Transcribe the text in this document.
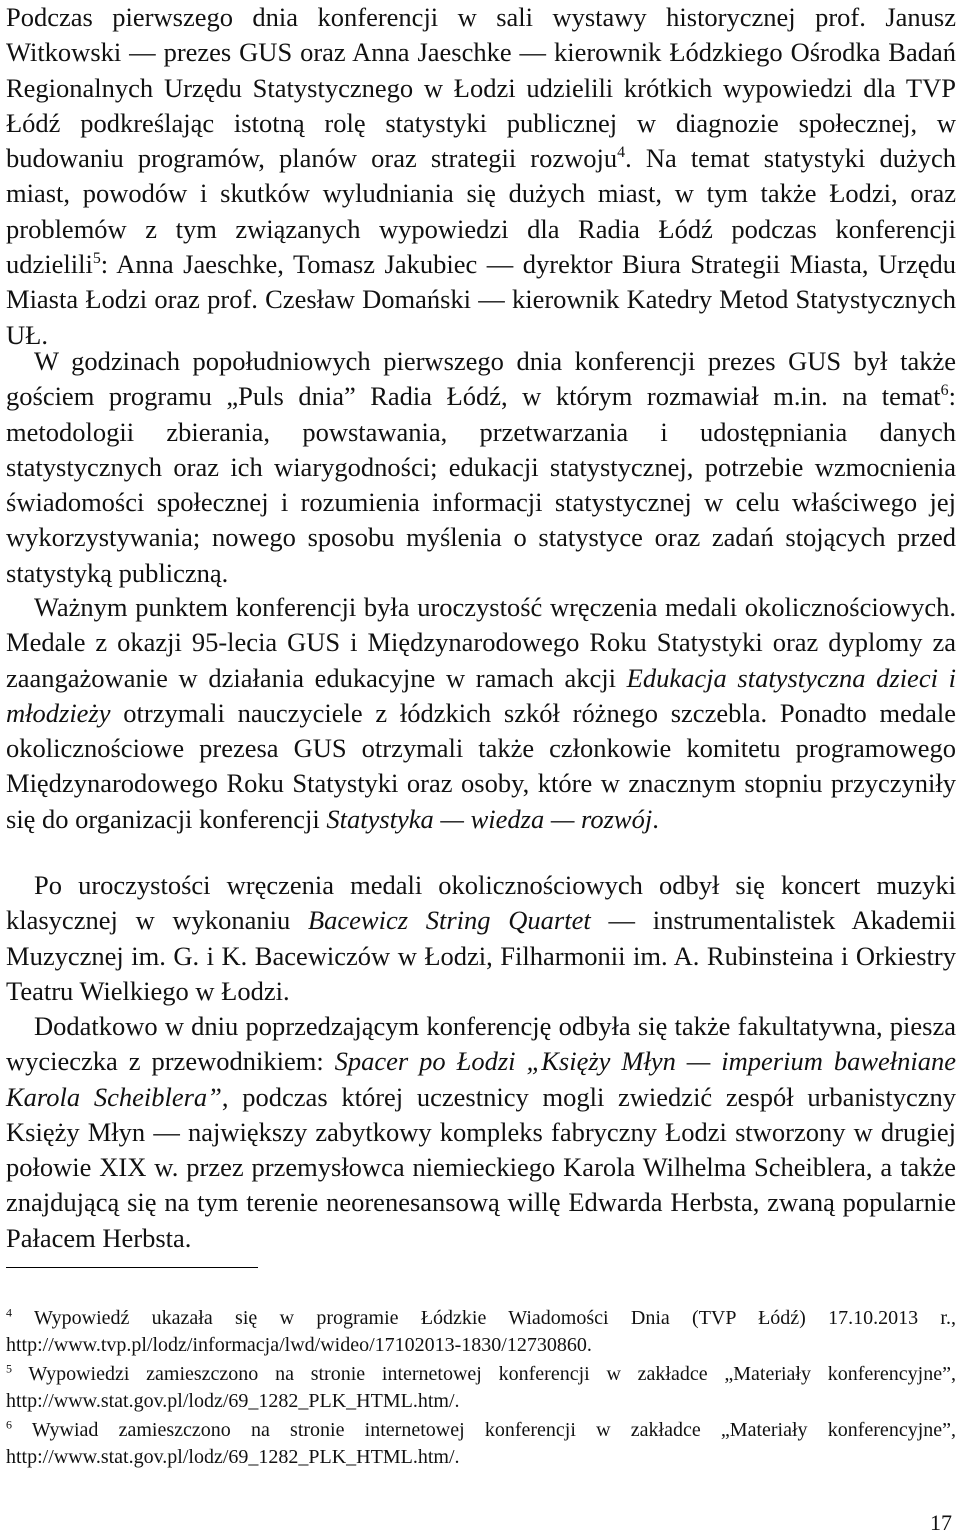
Podczas pierwszego dnia konferencji w sali wystawy historycznej prof. Janusz Witkowski — prezes GUS oraz Anna Jaeschke — kierownik Łódzkiego Ośrodka Badań Regionalnych Urzędu Statystycznego w Łodzi udzielili krótkich wypowiedzi dla TVP Łódź podkreślając istotną rolę statystyki publicznej w diagnozie społecznej, w budowaniu programów, planów oraz strategii rozwoju$^4$. Na temat statystyki dużych miast, powodów i skutków wyludniania się dużych miast, w tym także Łodzi, oraz problemów z tym związanych wypowiedzi dla Radia Łódź podczas konferencji udzielili$^5$: Anna Jaeschke, Tomasz Jakubiec — dyrektor Biura Strategii Miasta, Urzędu Miasta Łodzi oraz prof. Czesław Domański — kierownik Katedry Metod Statystycznych UŁ.

W godzinach popołudniowych pierwszego dnia konferencji prezes GUS był także gościem programu „Puls dnia” Radia Łódź, w którym rozmawiał m.in. na temat$^6$: metodologii zbierania, powstawania, przetwarzania i udostępniania danych statystycznych oraz ich wiarygodności; edukacji statystycznej, potrzebie wzmocnienia świadomości społecznej i rozumienia informacji statystycznej w celu właściwego jej wykorzystywania; nowego sposobu myślenia o statystyce oraz zadań stojących przed statystyką publiczną.

Ważnym punktem konferencji była uroczystość wręczenia medali okolicznościowych. Medale z okazji 95-lecia GUS i Międzynarodowego Roku Statystyki oraz dyplomy za zaangażowanie w działania edukacyjne w ramach akcji Edukacja statystyczna dzieci i młodzieży otrzymali nauczyciele z łódzkich szkół różnego szczebla. Ponadto medale okolicznościowe prezesa GUS otrzymali także członkowie komitetu programowego Międzynarodowego Roku Statystyki oraz osoby, które w znacznym stopniu przyczyniły się do organizacji konferencji Statystyka — wiedza — rozwój.

Po uroczystości wręczenia medali okolicznościowych odbył się koncert muzyki klasycznej w wykonaniu Bacewicz String Quartet — instrumentalistek Akademii Muzycznej im. G. i K. Bacewiczów w Łodzi, Filharmonii im. A. Rubinsteina i Orkiestry Teatru Wielkiego w Łodzi.

Dodatkowo w dniu poprzedzającym konferencję odbyła się także fakultatywna, piesza wycieczka z przewodnikiem: Spacer po Łodzi „Księży Młyn — imperium bawełniane Karola Scheiblera”, podczas której uczestnicy mogli zwiedzić zespół urbanistyczny Księży Młyn — największy zabytkowy kompleks fabryczny Łodzi stworzony w drugiej połowie XIX w. przez przemysłowca niemieckiego Karola Wilhelma Scheiblera, a także znajdującą się na tym terenie neorenesansową willę Edwarda Herbsta, zwaną popularnie Pałacem Herbsta.

$^4$ Wypowiedź ukazała się w programie Łódzkie Wiadomości Dnia (TVP Łódź) 17.10.2013 r., http://www.tvp.pl/lodz/informacja/lwd/wideo/17102013-1830/12730860.

$^5$ Wypowiedzi zamieszczono na stronie internetowej konferencji w zakładce „Materiały konferencyjne”, http://www.stat.gov.pl/lodz/69_1282_PLK_HTML.htm/.

$^6$ Wywiad zamieszczono na stronie internetowej konferencji w zakładce „Materiały konferencyjne”, http://www.stat.gov.pl/lodz/69_1282_PLK_HTML.htm/.

17
